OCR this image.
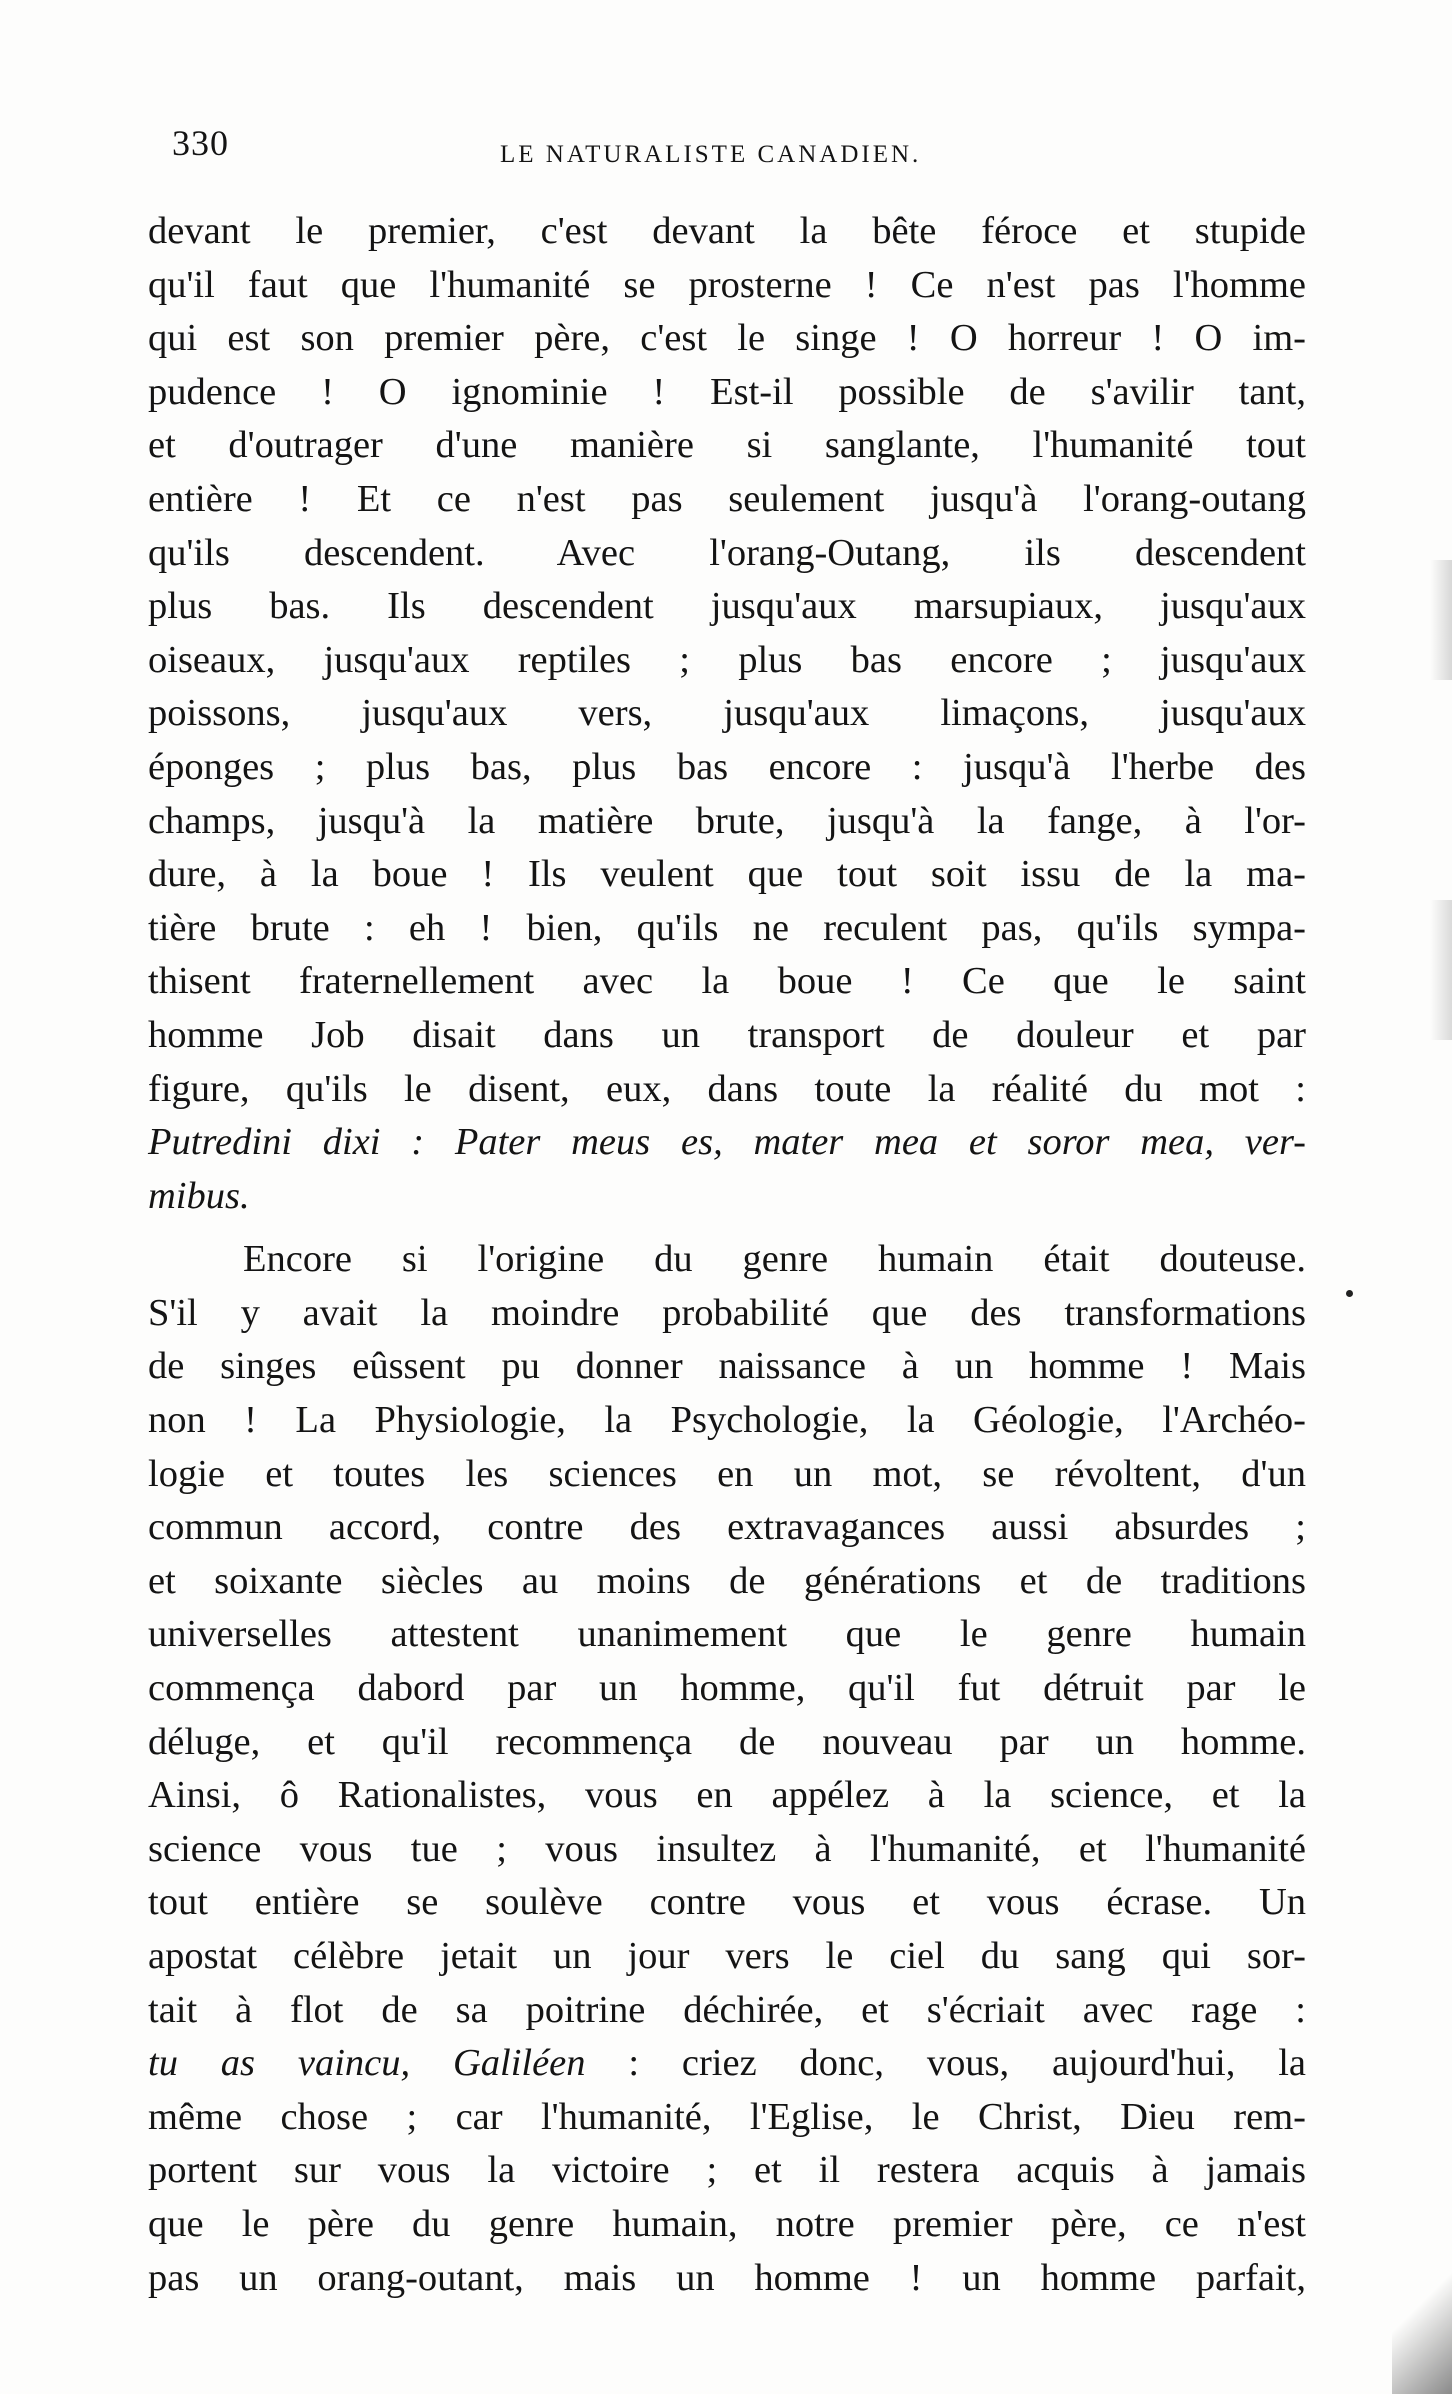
330	LE NATURALISTE CANADIEN.
devant le premier, c'est devant la bête féroce et stupide
qu'il faut que l'humanité se prosterne ! Ce n'est pas l'homme
qui est son premier père, c'est le singe ! O horreur ! O im-
pudence ! O ignominie ! Est-il possible de s'avilir tant,
et d'outrager d'une manière si sanglante, l'humanité tout
entière ! Et ce n'est pas seulement jusqu'à l'orang-outang
qu'ils descendent. Avec l'orang-Outang, ils descendent
plus bas. Ils descendent jusqu'aux marsupiaux, jusqu'aux
oiseaux, jusqu'aux reptiles ; plus bas encore ; jusqu'aux
poissons, jusqu'aux vers, jusqu'aux limaçons, jusqu'aux
éponges ; plus bas, plus bas encore : jusqu'à l'herbe des
champs, jusqu'à la matière brute, jusqu'à la fange, à l'or-
dure, à la boue ! Ils veulent que tout soit issu de la ma-
tière brute : eh ! bien, qu'ils ne reculent pas, qu'ils sympa-
thisent fraternellement avec la boue ! Ce que le saint
homme Job disait dans un transport de douleur et par
figure, qu'ils le disent, eux, dans toute la réalité du mot :
Putredini dixi : Pater meus es, mater mea et soror mea, ver-
mibus.
Encore si l'origine du genre humain était douteuse.
S'il y avait la moindre probabilité que des transformations
de singes eûssent pu donner naissance à un homme ! Mais
non ! La Physiologie, la Psychologie, la Géologie, l'Archéo-
logie et toutes les sciences en un mot, se révoltent, d'un
commun accord, contre des extravagances aussi absurdes ;
et soixante siècles au moins de générations et de traditions
universelles attestent unanimement que le genre humain
commença dabord par un homme, qu'il fut détruit par le
déluge, et qu'il recommença de nouveau par un homme.
Ainsi, ô Rationalistes, vous en appélez à la science, et la
science vous tue ; vous insultez à l'humanité, et l'humanité
tout entière se soulève contre vous et vous écrase. Un
apostat célèbre jetait un jour vers le ciel du sang qui sor-
tait à flot de sa poitrine déchirée, et s'écriait avec rage :
tu as vaincu, Galiléen : criez donc, vous, aujourd'hui, la
même chose ; car l'humanité, l'Eglise, le Christ, Dieu rem-
portent sur vous la victoire ; et il restera acquis à jamais
que le père du genre humain, notre premier père, ce n'est
pas un orang-outant, mais un homme ! un homme parfait,
